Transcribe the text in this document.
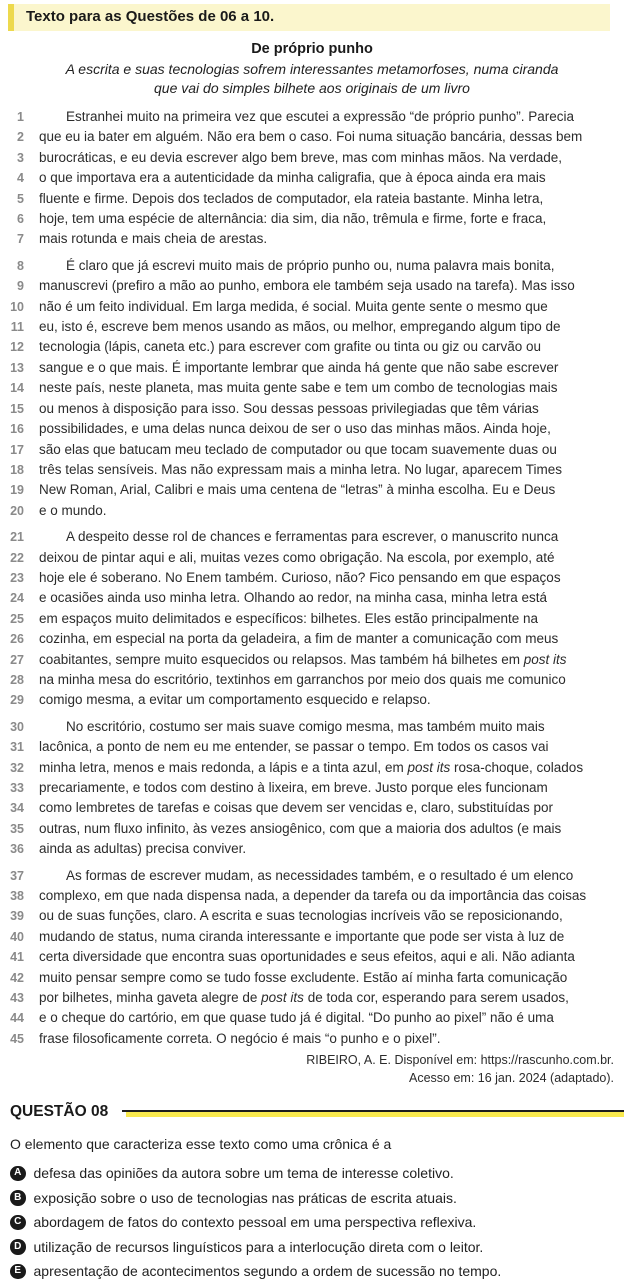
Texto para as Questões de 06 a 10.
De próprio punho
A escrita e suas tecnologias sofrem interessantes metamorfoses, numa ciranda
que vai do simples bilhete aos originais de um livro
1	Estranhei muito na primeira vez que escutei a expressão “de próprio punho”. Parecia
2 que eu ia bater em alguém. Não era bem o caso. Foi numa situação bancária, dessas bem
3 burocráticas, e eu devia escrever algo bem breve, mas com minhas mãos. Na verdade,
4 o que importava era a autenticidade da minha caligrafia, que à época ainda era mais
5 fluente e firme. Depois dos teclados de computador, ela rateia bastante. Minha letra,
6 hoje, tem uma espécie de alternância: dia sim, dia não, trêmula e firme, forte e fraca,
7 mais rotunda e mais cheia de arestas.
8	É claro que já escrevi muito mais de próprio punho ou, numa palavra mais bonita,
9 manuscrevi (prefiro a mão ao punho, embora ele também seja usado na tarefa). Mas isso
10 não é um feito individual. Em larga medida, é social. Muita gente sente o mesmo que
11 eu, isto é, escreve bem menos usando as mãos, ou melhor, empregando algum tipo de
12 tecnologia (lápis, caneta etc.) para escrever com grafite ou tinta ou giz ou carvão ou
13 sangue e o que mais. É importante lembrar que ainda há gente que não sabe escrever
14 neste país, neste planeta, mas muita gente sabe e tem um combo de tecnologias mais
15 ou menos à disposição para isso. Sou dessas pessoas privilegiadas que têm várias
16 possibilidades, e uma delas nunca deixou de ser o uso das minhas mãos. Ainda hoje,
17 são elas que batucam meu teclado de computador ou que tocam suavemente duas ou
18 três telas sensíveis. Mas não expressam mais a minha letra. No lugar, aparecem Times
19 New Roman, Arial, Calibri e mais uma centena de “letras” à minha escolha. Eu e Deus
20 e o mundo.
21	A despeito desse rol de chances e ferramentas para escrever, o manuscrito nunca
22 deixou de pintar aqui e ali, muitas vezes como obrigação. Na escola, por exemplo, até
23 hoje ele é soberano. No Enem também. Curioso, não? Fico pensando em que espaços
24 e ocasiões ainda uso minha letra. Olhando ao redor, na minha casa, minha letra está
25 em espaços muito delimitados e específicos: bilhetes. Eles estão principalmente na
26 cozinha, em especial na porta da geladeira, a fim de manter a comunicação com meus
27 coabitantes, sempre muito esquecidos ou relapsos. Mas também há bilhetes em post its
28 na minha mesa do escritório, textinhos em garranchos por meio dos quais me comunico
29 comigo mesma, a evitar um comportamento esquecido e relapso.
30	No escritório, costumo ser mais suave comigo mesma, mas também muito mais
31 lacônica, a ponto de nem eu me entender, se passar o tempo. Em todos os casos vai
32 minha letra, menos e mais redonda, a lápis e a tinta azul, em post its rosa-choque, colados
33 precariamente, e todos com destino à lixeira, em breve. Justo porque eles funcionam
34 como lembretes de tarefas e coisas que devem ser vencidas e, claro, substituídas por
35 outras, num fluxo infinito, às vezes ansiogênico, com que a maioria dos adultos (e mais
36 ainda as adultas) precisa conviver.
37	As formas de escrever mudam, as necessidades também, e o resultado é um elenco
38 complexo, em que nada dispensa nada, a depender da tarefa ou da importância das coisas
39 ou de suas funções, claro. A escrita e suas tecnologias incríveis vão se reposicionando,
40 mudando de status, numa ciranda interessante e importante que pode ser vista à luz de
41 certa diversidade que encontra suas oportunidades e seus efeitos, aqui e ali. Não adianta
42 muito pensar sempre como se tudo fosse excludente. Estão aí minha farta comunicação
43 por bilhetes, minha gaveta alegre de post its de toda cor, esperando para serem usados,
44 e o cheque do cartório, em que quase tudo já é digital. “Do punho ao pixel” não é uma
45 frase filosoficamente correta. O negócio é mais “o punho e o pixel”.
RIBEIRO, A. E. Disponível em: https://rascunho.com.br.
Acesso em: 16 jan. 2024 (adaptado).
QUESTÃO 08
O elemento que caracteriza esse texto como uma crônica é a
A defesa das opiniões da autora sobre um tema de interesse coletivo.
B exposição sobre o uso de tecnologias nas práticas de escrita atuais.
C abordagem de fatos do contexto pessoal em uma perspectiva reflexiva.
D utilização de recursos linguísticos para a interlocução direta com o leitor.
E apresentação de acontecimentos segundo a ordem de sucessão no tempo.
